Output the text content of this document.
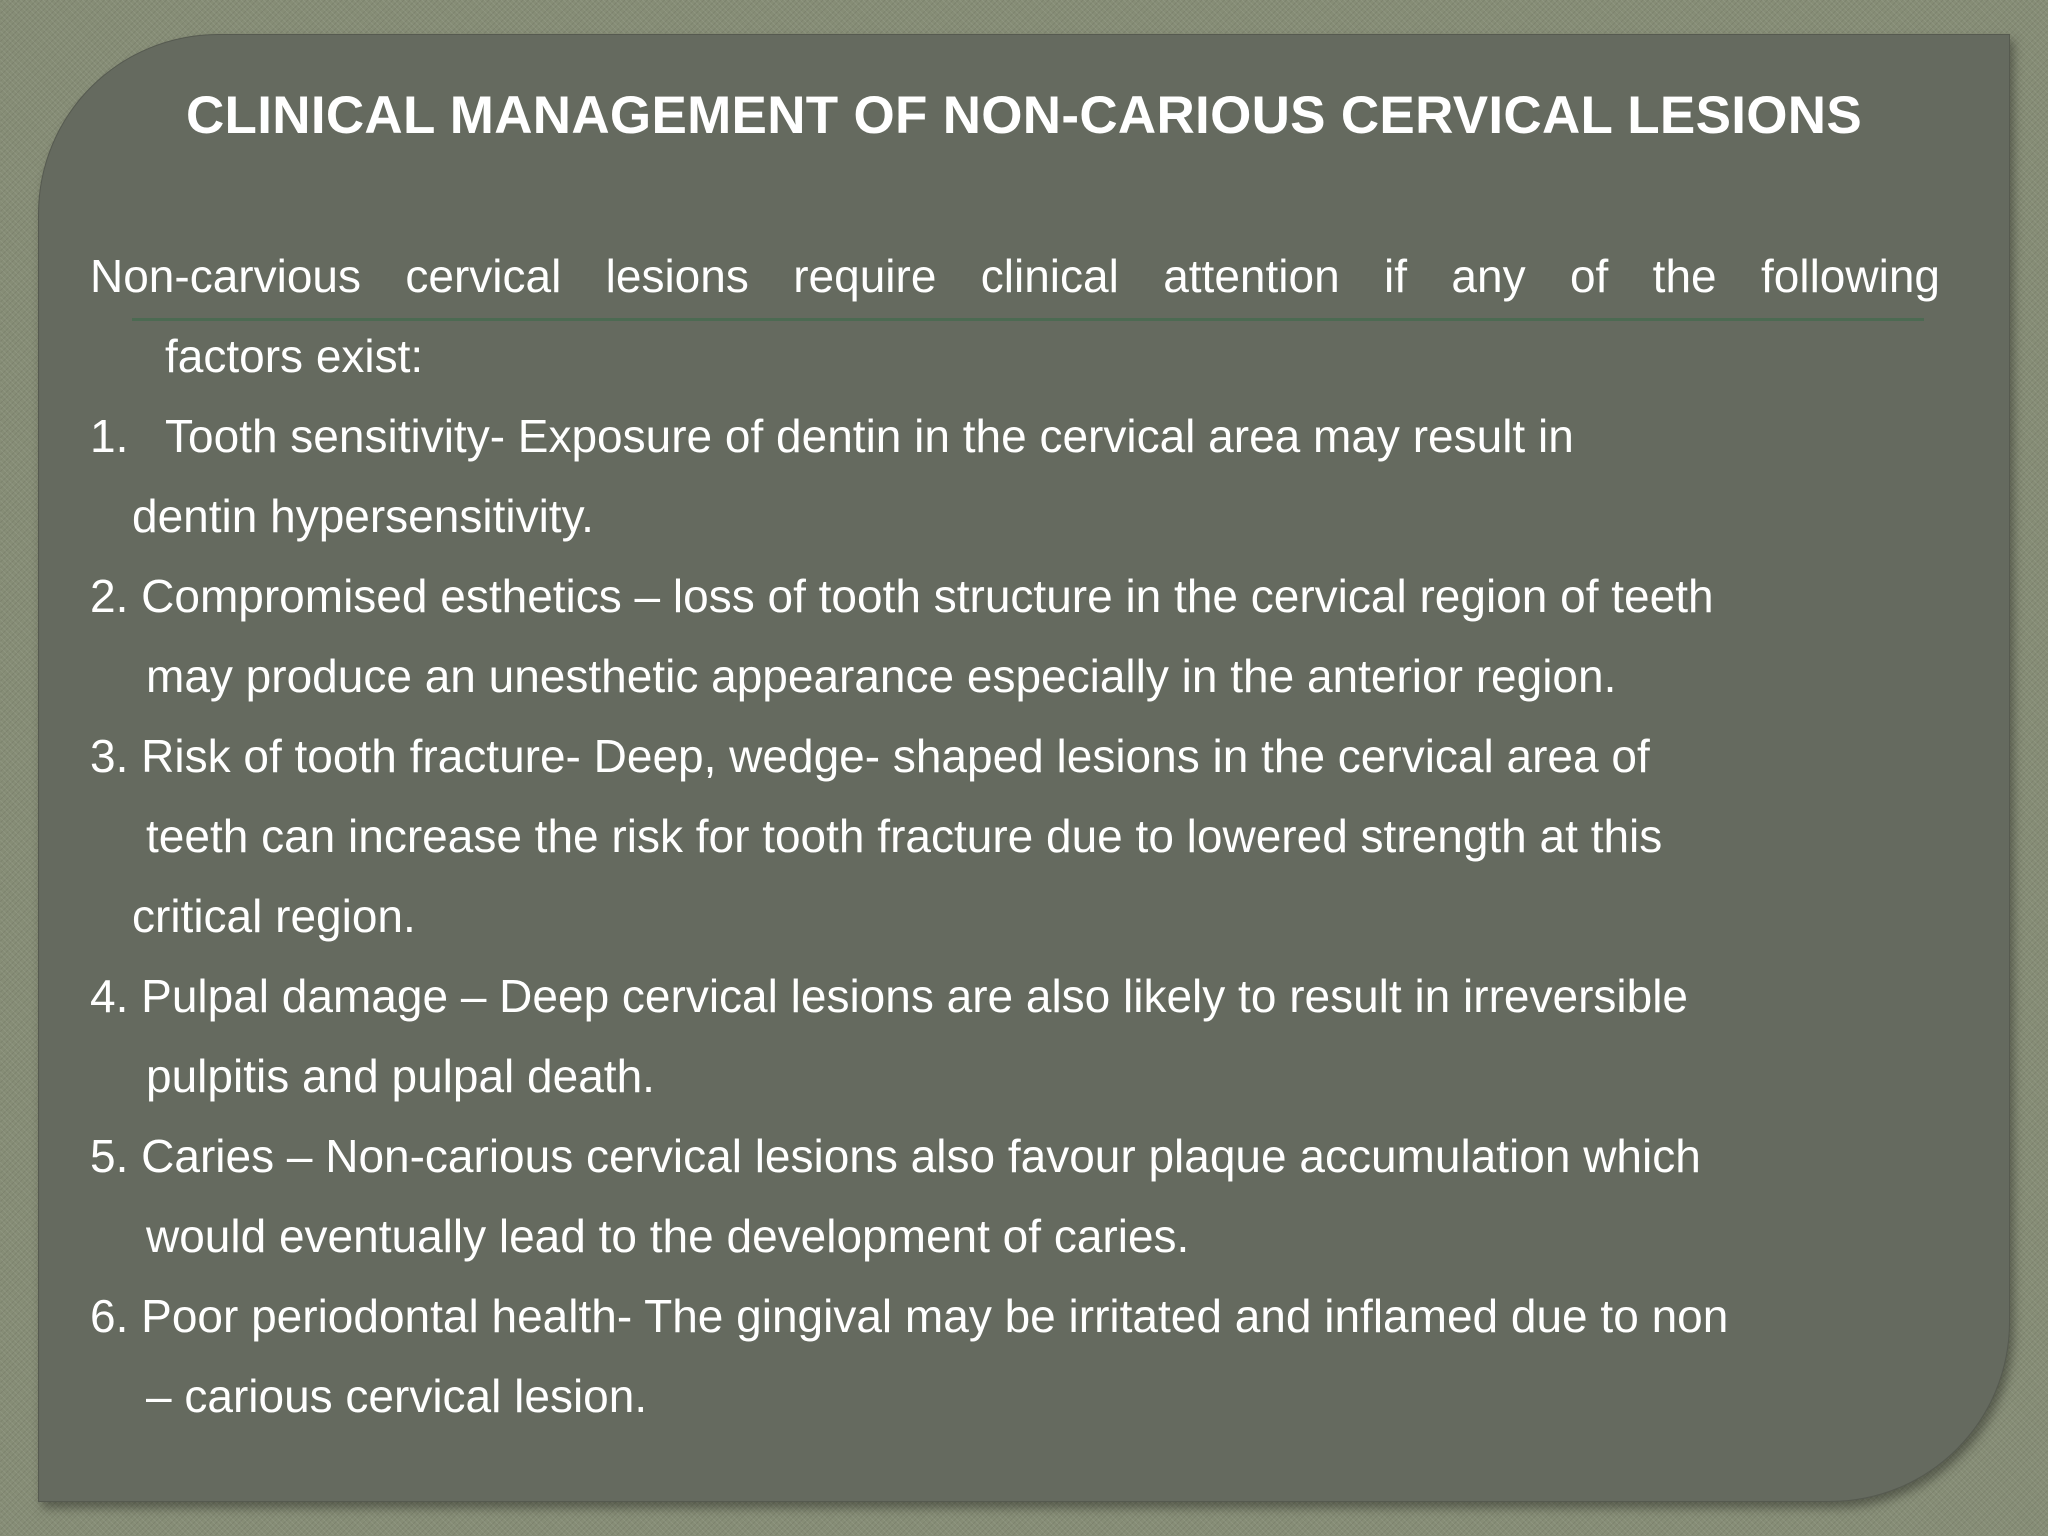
CLINICAL MANAGEMENT OF NON-CARIOUS CERVICAL LESIONS

Non-carvious cervical lesions require clinical attention if any of the following
factors exist:

1. Tooth sensitivity- Exposure of dentin in the cervical area may result in
dentin hypersensitivity.

2. Compromised esthetics – loss of tooth structure in the cervical region of teeth
may produce an unesthetic appearance especially in the anterior region.

3. Risk of tooth fracture- Deep, wedge- shaped lesions in the cervical area of
teeth can increase the risk for tooth fracture due to lowered strength at this
critical region.

4. Pulpal damage – Deep cervical lesions are also likely to result in irreversible
pulpitis and pulpal death.

5. Caries – Non-carious cervical lesions also favour plaque accumulation which
would eventually lead to the development of caries.

6. Poor periodontal health- The gingival may be irritated and inflamed due to non
– carious cervical lesion.
